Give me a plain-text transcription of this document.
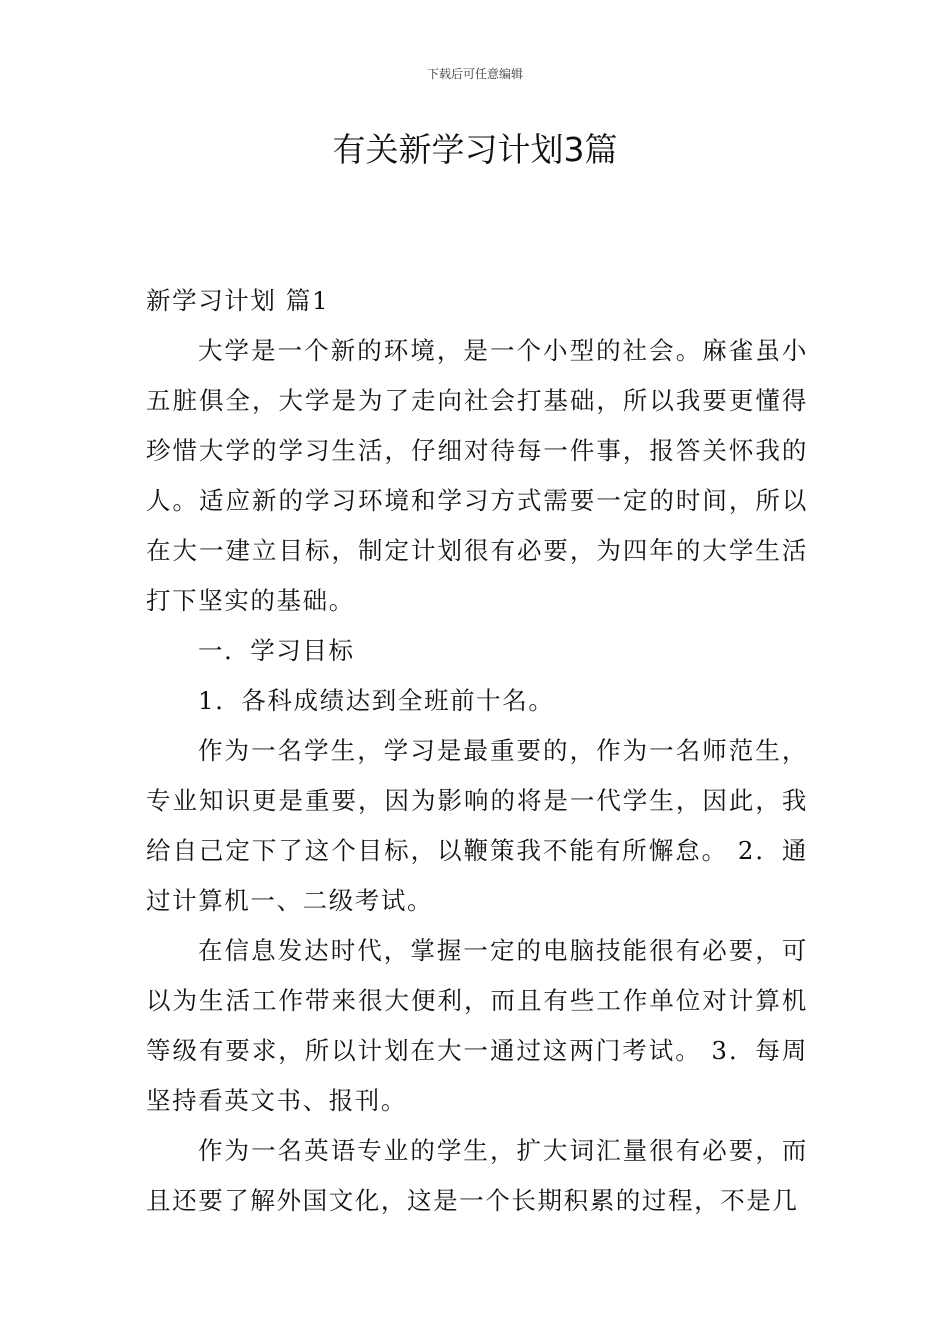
下载后可任意编辑
有关新学习计划3篇

新学习计划 篇1

大学是一个新的环境，是一个小型的社会。麻雀虽小五脏俱全，大学是为了走向社会打基础，所以我要更懂得珍惜大学的学习生活，仔细对待每一件事，报答关怀我的人。适应新的学习环境和学习方式需要一定的时间，所以在大一建立目标，制定计划很有必要，为四年的大学生活打下坚实的基础。

一．学习目标

1．各科成绩达到全班前十名。

作为一名学生，学习是最重要的，作为一名师范生，专业知识更是重要，因为影响的将是一代学生，因此，我给自己定下了这个目标，以鞭策我不能有所懈怠。 2．通过计算机一、二级考试。

在信息发达时代，掌握一定的电脑技能很有必要，可以为生活工作带来很大便利，而且有些工作单位对计算机等级有要求，所以计划在大一通过这两门考试。 3．每周坚持看英文书、报刊。

作为一名英语专业的学生，扩大词汇量很有必要，而且还要了解外国文化，这是一个长期积累的过程，不是几
